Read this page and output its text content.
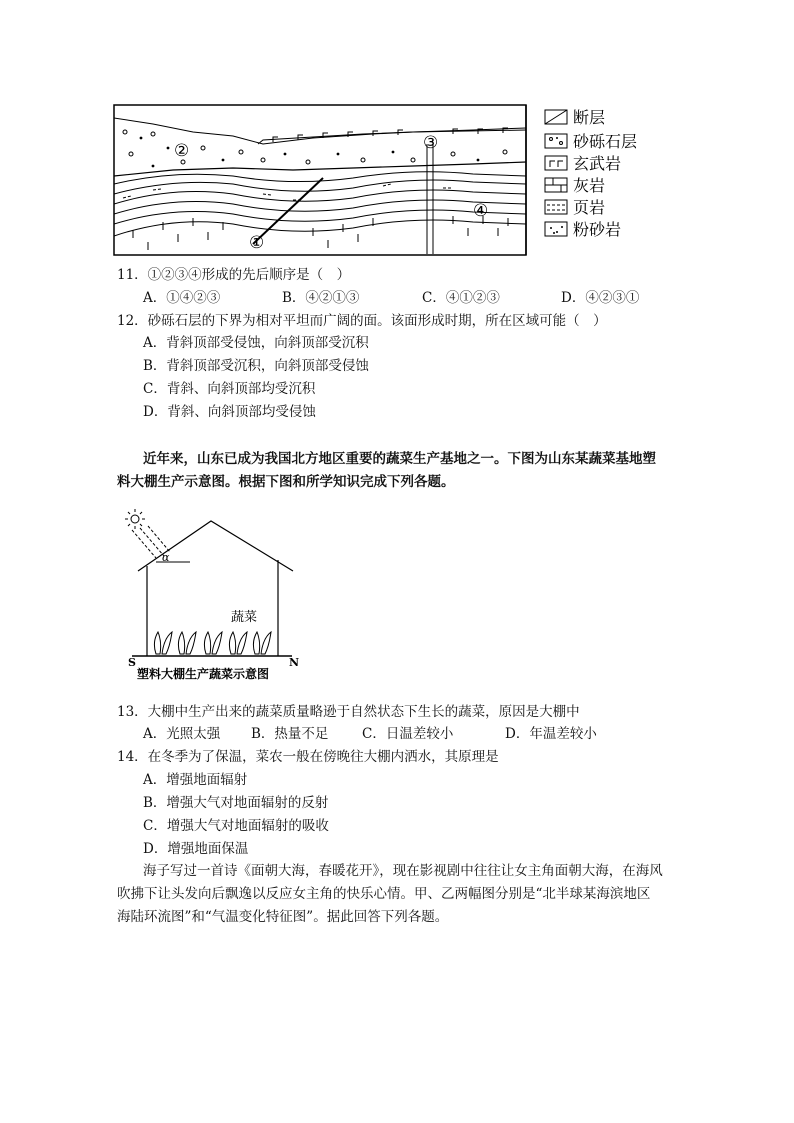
②	③
④
①
断层
砂砾石层
玄武岩
灰岩
页岩
粉砂岩
11．①②③④形成的先后顺序是（　）
A．①④②③	B．④②①③	C．④①②③	D．④②③①
12．砂砾石层的下界为相对平坦而广阔的面。该面形成时期，所在区域可能（　）
A．背斜顶部受侵蚀，向斜顶部受沉积
B．背斜顶部受沉积，向斜顶部受侵蚀
C．背斜、向斜顶部均受沉积
D．背斜、向斜顶部均受侵蚀
近年来，山东已成为我国北方地区重要的蔬菜生产基地之一。下图为山东某蔬菜基地塑
料大棚生产示意图。根据下图和所学知识完成下列各题。
α
蔬菜
S	N
塑料大棚生产蔬菜示意图
13．大棚中生产出来的蔬菜质量略逊于自然状态下生长的蔬菜，原因是大棚中
A．光照太强 B．热量不足 C．日温差较小	D．年温差较小
14．在冬季为了保温，菜农一般在傍晚往大棚内洒水，其原理是
A．增强地面辐射
B．增强大气对地面辐射的反射
C．增强大气对地面辐射的吸收
D．增强地面保温
海子写过一首诗《面朝大海，春暖花开》，现在影视剧中往往让女主角面朝大海，在海风
吹拂下让头发向后飘逸以反应女主角的快乐心情。甲、乙两幅图分别是“北半球某海滨地区
海陆环流图”和“气温变化特征图”。据此回答下列各题。
